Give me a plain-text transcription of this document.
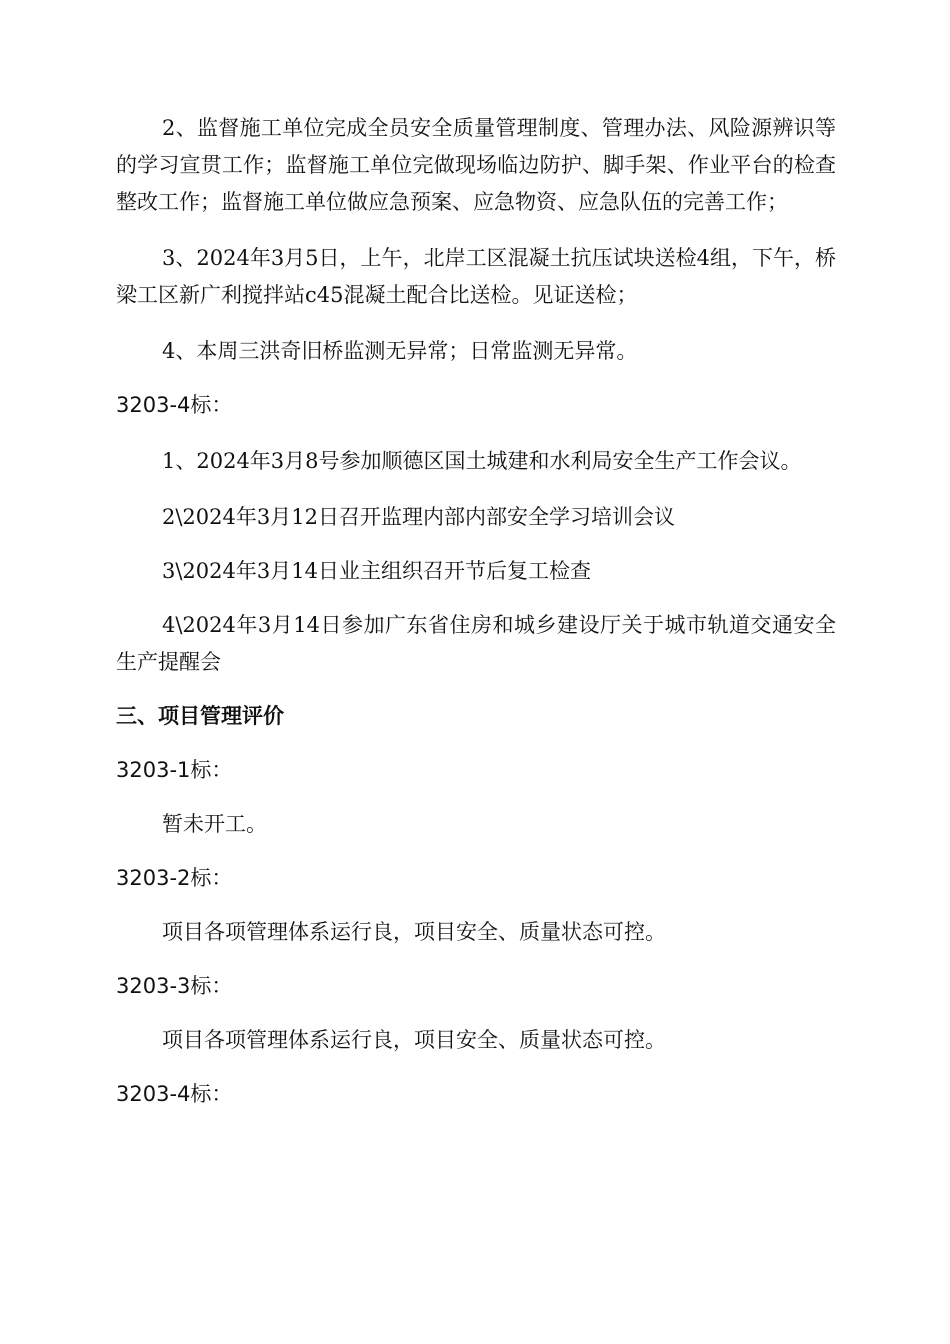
2、监督施工单位完成全员安全质量管理制度、管理办法、风险源辨识等的学习宣贯工作；监督施工单位完做现场临边防护、脚手架、作业平台的检查整改工作；监督施工单位做应急预案、应急物资、应急队伍的完善工作；

3、2024年3月5日，上午，北岸工区混凝土抗压试块送检4组，下午，桥梁工区新广利搅拌站c45混凝土配合比送检。见证送检；

4、本周三洪奇旧桥监测无异常；日常监测无异常。

3203-4标：

1、2024年3月8号参加顺德区国土城建和水利局安全生产工作会议。

2\2024年3月12日召开监理内部内部安全学习培训会议

3\2024年3月14日业主组织召开节后复工检查

4\2024年3月14日参加广东省住房和城乡建设厅关于城市轨道交通安全生产提醒会

三、项目管理评价

3203-1标：

暂未开工。

3203-2标：

项目各项管理体系运行良，项目安全、质量状态可控。

3203-3标：

项目各项管理体系运行良，项目安全、质量状态可控。

3203-4标：
